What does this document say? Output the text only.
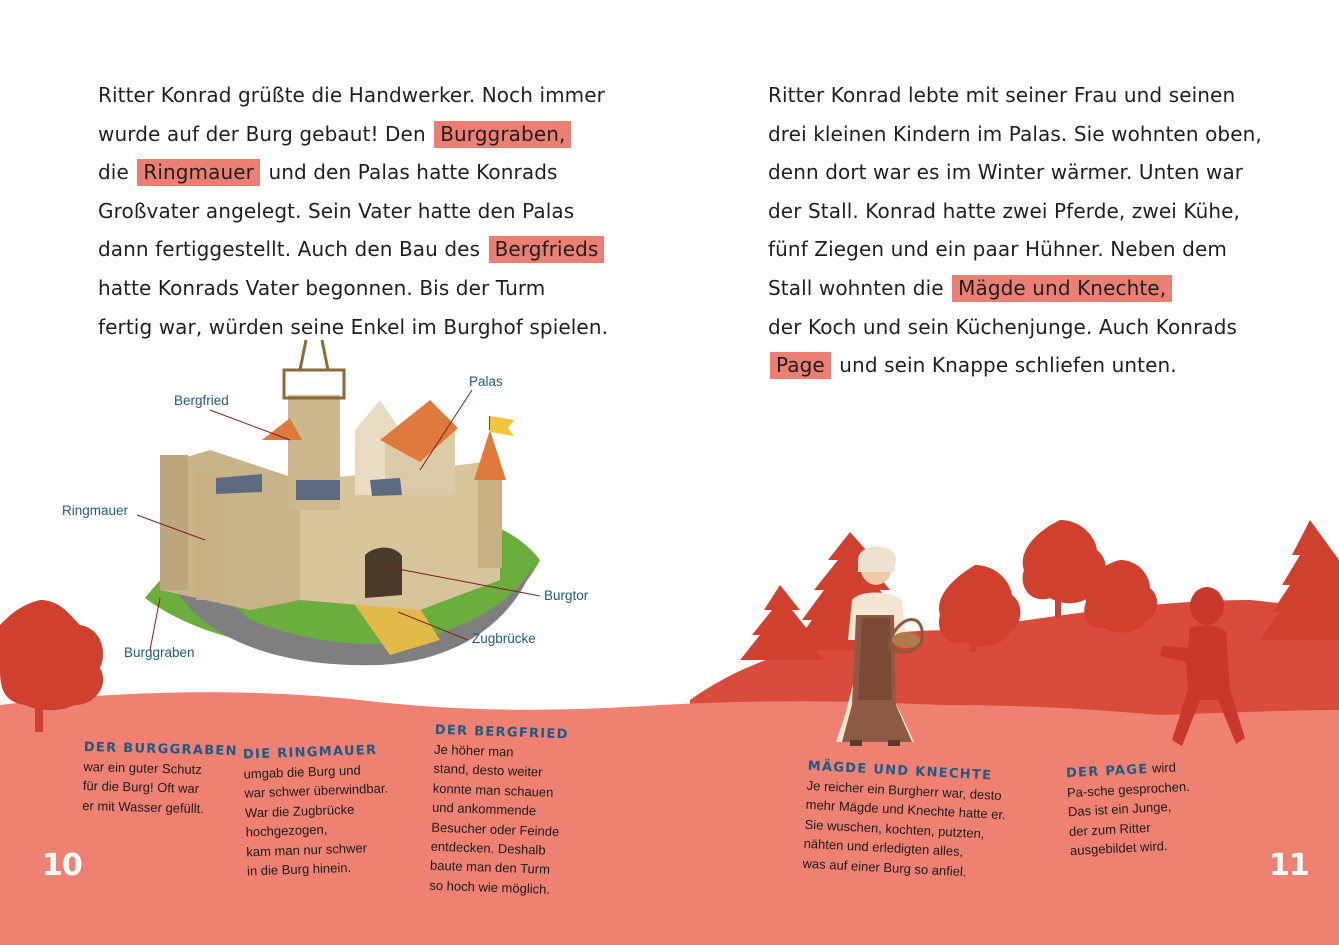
Ritter Konrad grüßte die Handwerker. Noch immer
wurde auf der Burg gebaut! Den Burggraben,
die Ringmauer und den Palas hatte Konrads
Großvater angelegt. Sein Vater hatte den Palas
dann fertiggestellt. Auch den Bau des Bergfrieds
hatte Konrads Vater begonnen. Bis der Turm
fertig war, würden seine Enkel im Burghof spielen.
Ritter Konrad lebte mit seiner Frau und seinen
drei kleinen Kindern im Palas. Sie wohnten oben,
denn dort war es im Winter wärmer. Unten war
der Stall. Konrad hatte zwei Pferde, zwei Kühe,
fünf Ziegen und ein paar Hühner. Neben dem
Stall wohnten die Mägde und Knechte,
der Koch und sein Küchenjunge. Auch Konrads
Page und sein Knappe schliefen unten.
Bergfried
Palas
Ringmauer
Burgtor
Zugbrücke
Burggraben
DER BURGGRABEN
war ein guter Schutz
für die Burg! Oft war
er mit Wasser gefüllt.
DIE RINGMAUER
umgab die Burg und
war schwer überwindbar.
War die Zugbrücke
hochgezogen,
kam man nur schwer
in die Burg hinein.
DER BERGFRIED
Je höher man
stand, desto weiter
konnte man schauen
und ankommende
Besucher oder Feinde
entdecken. Deshalb
baute man den Turm
so hoch wie möglich.
MÄGDE UND KNECHTE
Je reicher ein Burgherr war, desto
mehr Mägde und Knechte hatte er.
Sie wuschen, kochten, putzten,
nähten und erledigten alles,
was auf einer Burg so anfiel.
DER PAGE wird
Pa-sche gesprochen.
Das ist ein Junge,
der zum Ritter
ausgebildet wird.
10	11
